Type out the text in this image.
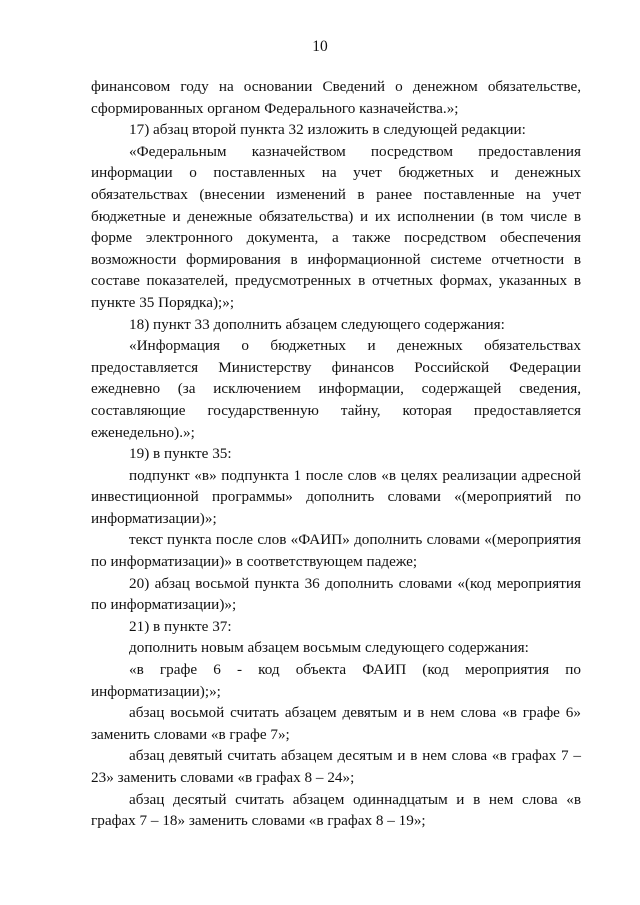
10

финансовом году на основании Сведений о денежном обязательстве, сформированных органом Федерального казначейства.»;

17) абзац второй пункта 32 изложить в следующей редакции:

«Федеральным казначейством посредством предоставления информации о поставленных на учет бюджетных и денежных обязательствах (внесении изменений в ранее поставленные на учет бюджетные и денежные обязательства) и их исполнении (в том числе в форме электронного документа, а также посредством обеспечения возможности формирования в информационной системе отчетности в составе показателей, предусмотренных в отчетных формах, указанных в пункте 35 Порядка);»;

18) пункт 33 дополнить абзацем следующего содержания:

«Информация о бюджетных и денежных обязательствах предоставляется Министерству финансов Российской Федерации ежедневно (за исключением информации, содержащей сведения, составляющие государственную тайну, которая предоставляется еженедельно).»;

19) в пункте 35:

подпункт «в» подпункта 1 после слов «в целях реализации адресной инвестиционной программы» дополнить словами «(мероприятий по информатизации)»;

текст пункта после слов «ФАИП» дополнить словами «(мероприятия по информатизации)» в соответствующем падеже;

20) абзац восьмой пункта 36 дополнить словами «(код мероприятия по информатизации)»;

21) в пункте 37:

дополнить новым абзацем восьмым следующего содержания:

«в графе 6 - код объекта ФАИП (код мероприятия по информатизации);»;

абзац восьмой считать абзацем девятым и в нем слова «в графе 6» заменить словами «в графе 7»;

абзац девятый считать абзацем десятым и в нем слова «в графах 7 – 23» заменить словами «в графах 8 – 24»;

абзац десятый считать абзацем одиннадцатым и в нем слова «в графах 7 – 18» заменить словами «в графах 8 – 19»;
